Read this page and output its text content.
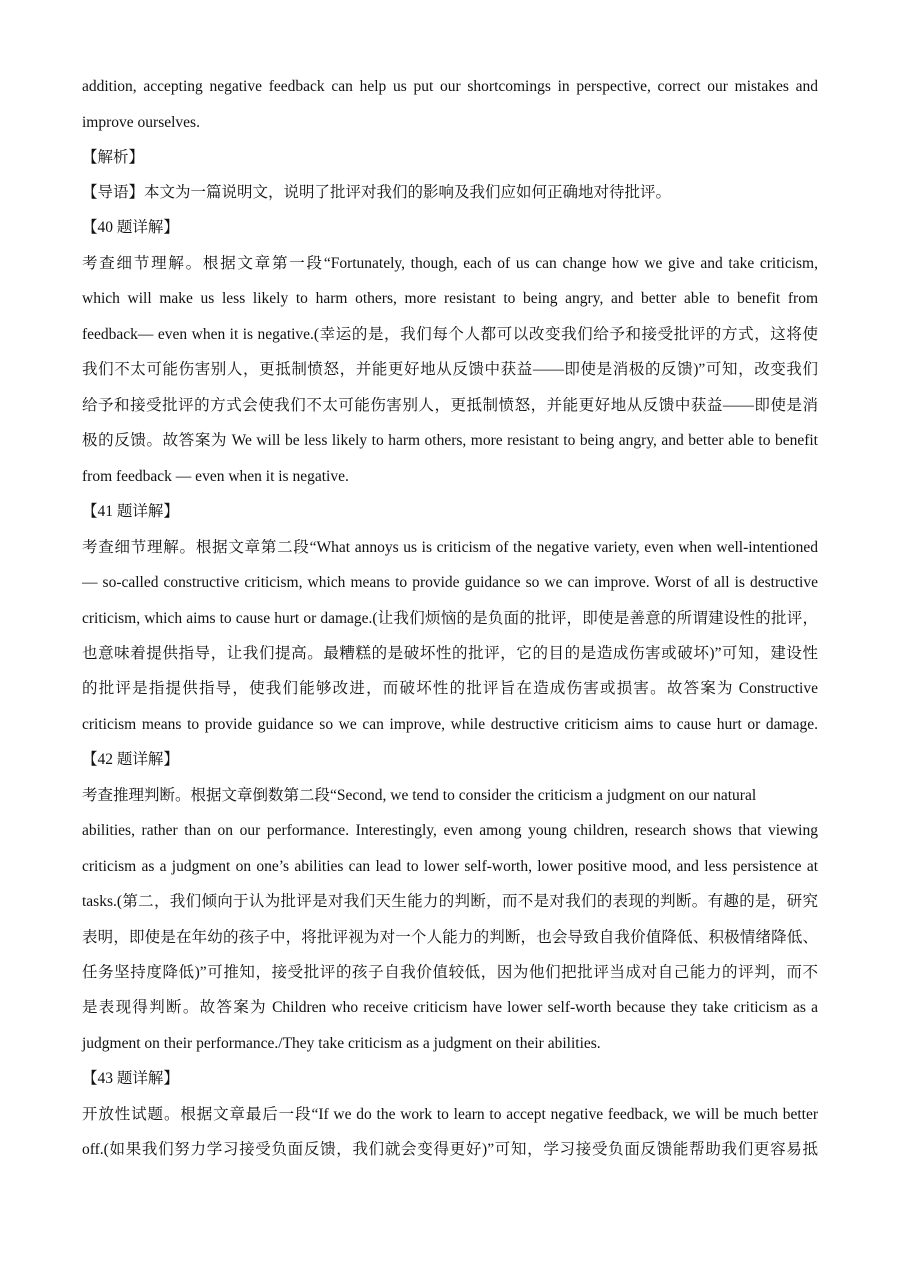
addition, accepting negative feedback can help us put our shortcomings in perspective, correct our mistakes and
improve ourselves.
【解析】
【导语】本文为一篇说明文，说明了批评对我们的影响及我们应如何正确地对待批评。
【40 题详解】
考查细节理解。根据文章第一段“Fortunately, though, each of us can change how we give and take criticism,
which will make us less likely to harm others, more resistant to being angry, and better able to benefit from
feedback— even when it is negative.(幸运的是，我们每个人都可以改变我们给予和接受批评的方式，这将使
我们不太可能伤害别人，更抵制愤怒，并能更好地从反馈中获益——即使是消极的反馈)”可知，改变我们
给予和接受批评的方式会使我们不太可能伤害别人，更抵制愤怒，并能更好地从反馈中获益——即使是消
极的反馈。故答案为 We will be less likely to harm others, more resistant to being angry, and better able to benefit
from feedback — even when it is negative.
【41 题详解】
考查细节理解。根据文章第二段“What annoys us is criticism of the negative variety, even when well-intentioned
— so-called constructive criticism, which means to provide guidance so we can improve. Worst of all is destructive
criticism, which aims to cause hurt or damage.(让我们烦恼的是负面的批评，即使是善意的所谓建设性的批评，
也意味着提供指导，让我们提高。最糟糕的是破坏性的批评，它的目的是造成伤害或破坏)”可知，建设性
的批评是指提供指导，使我们能够改进，而破坏性的批评旨在造成伤害或损害。故答案为 Constructive
criticism means to provide guidance so we can improve, while destructive criticism aims to cause hurt or damage.
【42 题详解】
考查推理判断。根据文章倒数第二段“Second, we tend to consider the criticism a judgment on our natural
abilities, rather than on our performance. Interestingly, even among young children, research shows that viewing
criticism as a judgment on one’s abilities can lead to lower self-worth, lower positive mood, and less persistence at
tasks.(第二，我们倾向于认为批评是对我们天生能力的判断，而不是对我们的表现的判断。有趣的是，研究
表明，即使是在年幼的孩子中，将批评视为对一个人能力的判断，也会导致自我价值降低、积极情绪降低、
任务坚持度降低)”可推知，接受批评的孩子自我价值较低，因为他们把批评当成对自己能力的评判，而不
是表现得判断。故答案为 Children who receive criticism have lower self-worth because they take criticism as a
judgment on their performance./They take criticism as a judgment on their abilities.
【43 题详解】
开放性试题。根据文章最后一段“If we do the work to learn to accept negative feedback, we will be much better
off.(如果我们努力学习接受负面反馈，我们就会变得更好)”可知，学习接受负面反馈能帮助我们更容易抵
